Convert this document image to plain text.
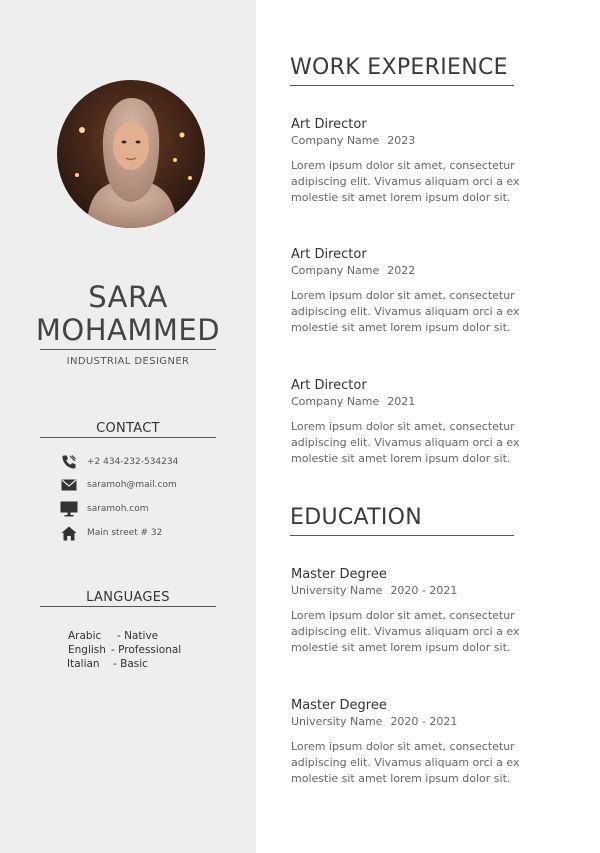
SARA
MOHAMMED
INDUSTRIAL DESIGNER
CONTACT
+2 434-232-534234
saramoh@mail.com
saramoh.com
Main street # 32
LANGUAGES
Arabic - Native
English - Professional
Italian - Basic
WORK EXPERIENCE
Art Director
Company Name 2023
Lorem ipsum dolor sit amet, consectetur
adipiscing elit. Vivamus aliquam orci a ex
molestie sit amet lorem ipsum dolor sit.
Art Director
Company Name 2022
Lorem ipsum dolor sit amet, consectetur
adipiscing elit. Vivamus aliquam orci a ex
molestie sit amet lorem ipsum dolor sit.
Art Director
Company Name 2021
Lorem ipsum dolor sit amet, consectetur
adipiscing elit. Vivamus aliquam orci a ex
molestie sit amet lorem ipsum dolor sit.
EDUCATION
Master Degree
University Name 2020 - 2021
Lorem ipsum dolor sit amet, consectetur
adipiscing elit. Vivamus aliquam orci a ex
molestie sit amet lorem ipsum dolor sit.
Master Degree
University Name 2020 - 2021
Lorem ipsum dolor sit amet, consectetur
adipiscing elit. Vivamus aliquam orci a ex
molestie sit amet lorem ipsum dolor sit.
